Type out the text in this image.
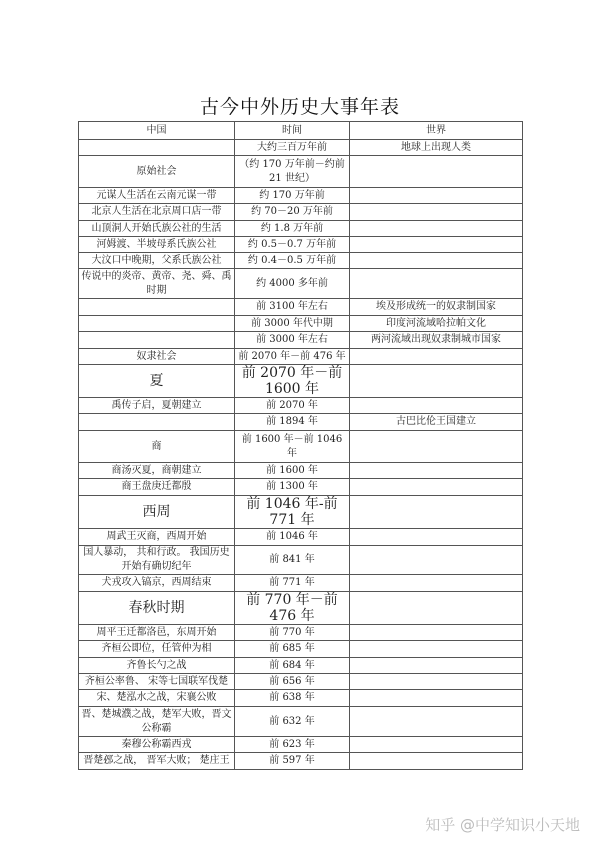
古今中外历史大事年表
中国	时间	世界
	大约三百万年前	地球上出现人类
原始社会	（约 170 万年前－约前 21 世纪）	
元谋人生活在云南元谋一带	约 170 万年前	
北京人生活在北京周口店一带	约 70－20 万年前	
山顶洞人开始氏族公社的生活	约 1.8 万年前	
河姆渡、半坡母系氏族公社	约 0.5－0.7 万年前	
大汶口中晚期，父系氏族公社	约 0.4－0.5 万年前	
传说中的炎帝、黄帝、尧、舜、禹时期	约 4000 多年前	
	前 3100 年左右	埃及形成统一的奴隶制国家
	前 3000 年代中期	印度河流域哈拉帕文化
	前 3000 年左右	两河流域出现奴隶制城市国家
奴隶社会	前 2070 年－前 476 年	
夏	前 2070 年－前 1600 年	
禹传子启，夏朝建立	前 2070 年	
	前 1894 年	古巴比伦王国建立
商	前 1600 年－前 1046 年	
商汤灭夏，商朝建立	前 1600 年	
商王盘庚迁都殷	前 1300 年	
西周	前 1046 年-前 771 年	
周武王灭商，西周开始	前 1046 年	
国人暴动， 共和行政。 我国历史开始有确切纪年	前 841 年	
犬戎攻入镐京，西周结束	前 771 年	
春秋时期	前 770 年－前 476 年	
周平王迁都洛邑，东周开始	前 770 年	
齐桓公即位，任管仲为相	前 685 年	
齐鲁长勺之战	前 684 年	
齐桓公率鲁、 宋等七国联军伐楚	前 656 年	
宋、楚泓水之战，宋襄公败	前 638 年	
晋、楚城濮之战，楚军大败，晋文公称霸	前 632 年	
秦穆公称霸西戎	前 623 年	
晋楚邲之战， 晋军大败； 楚庄王	前 597 年	
知乎 @中学知识小天地
